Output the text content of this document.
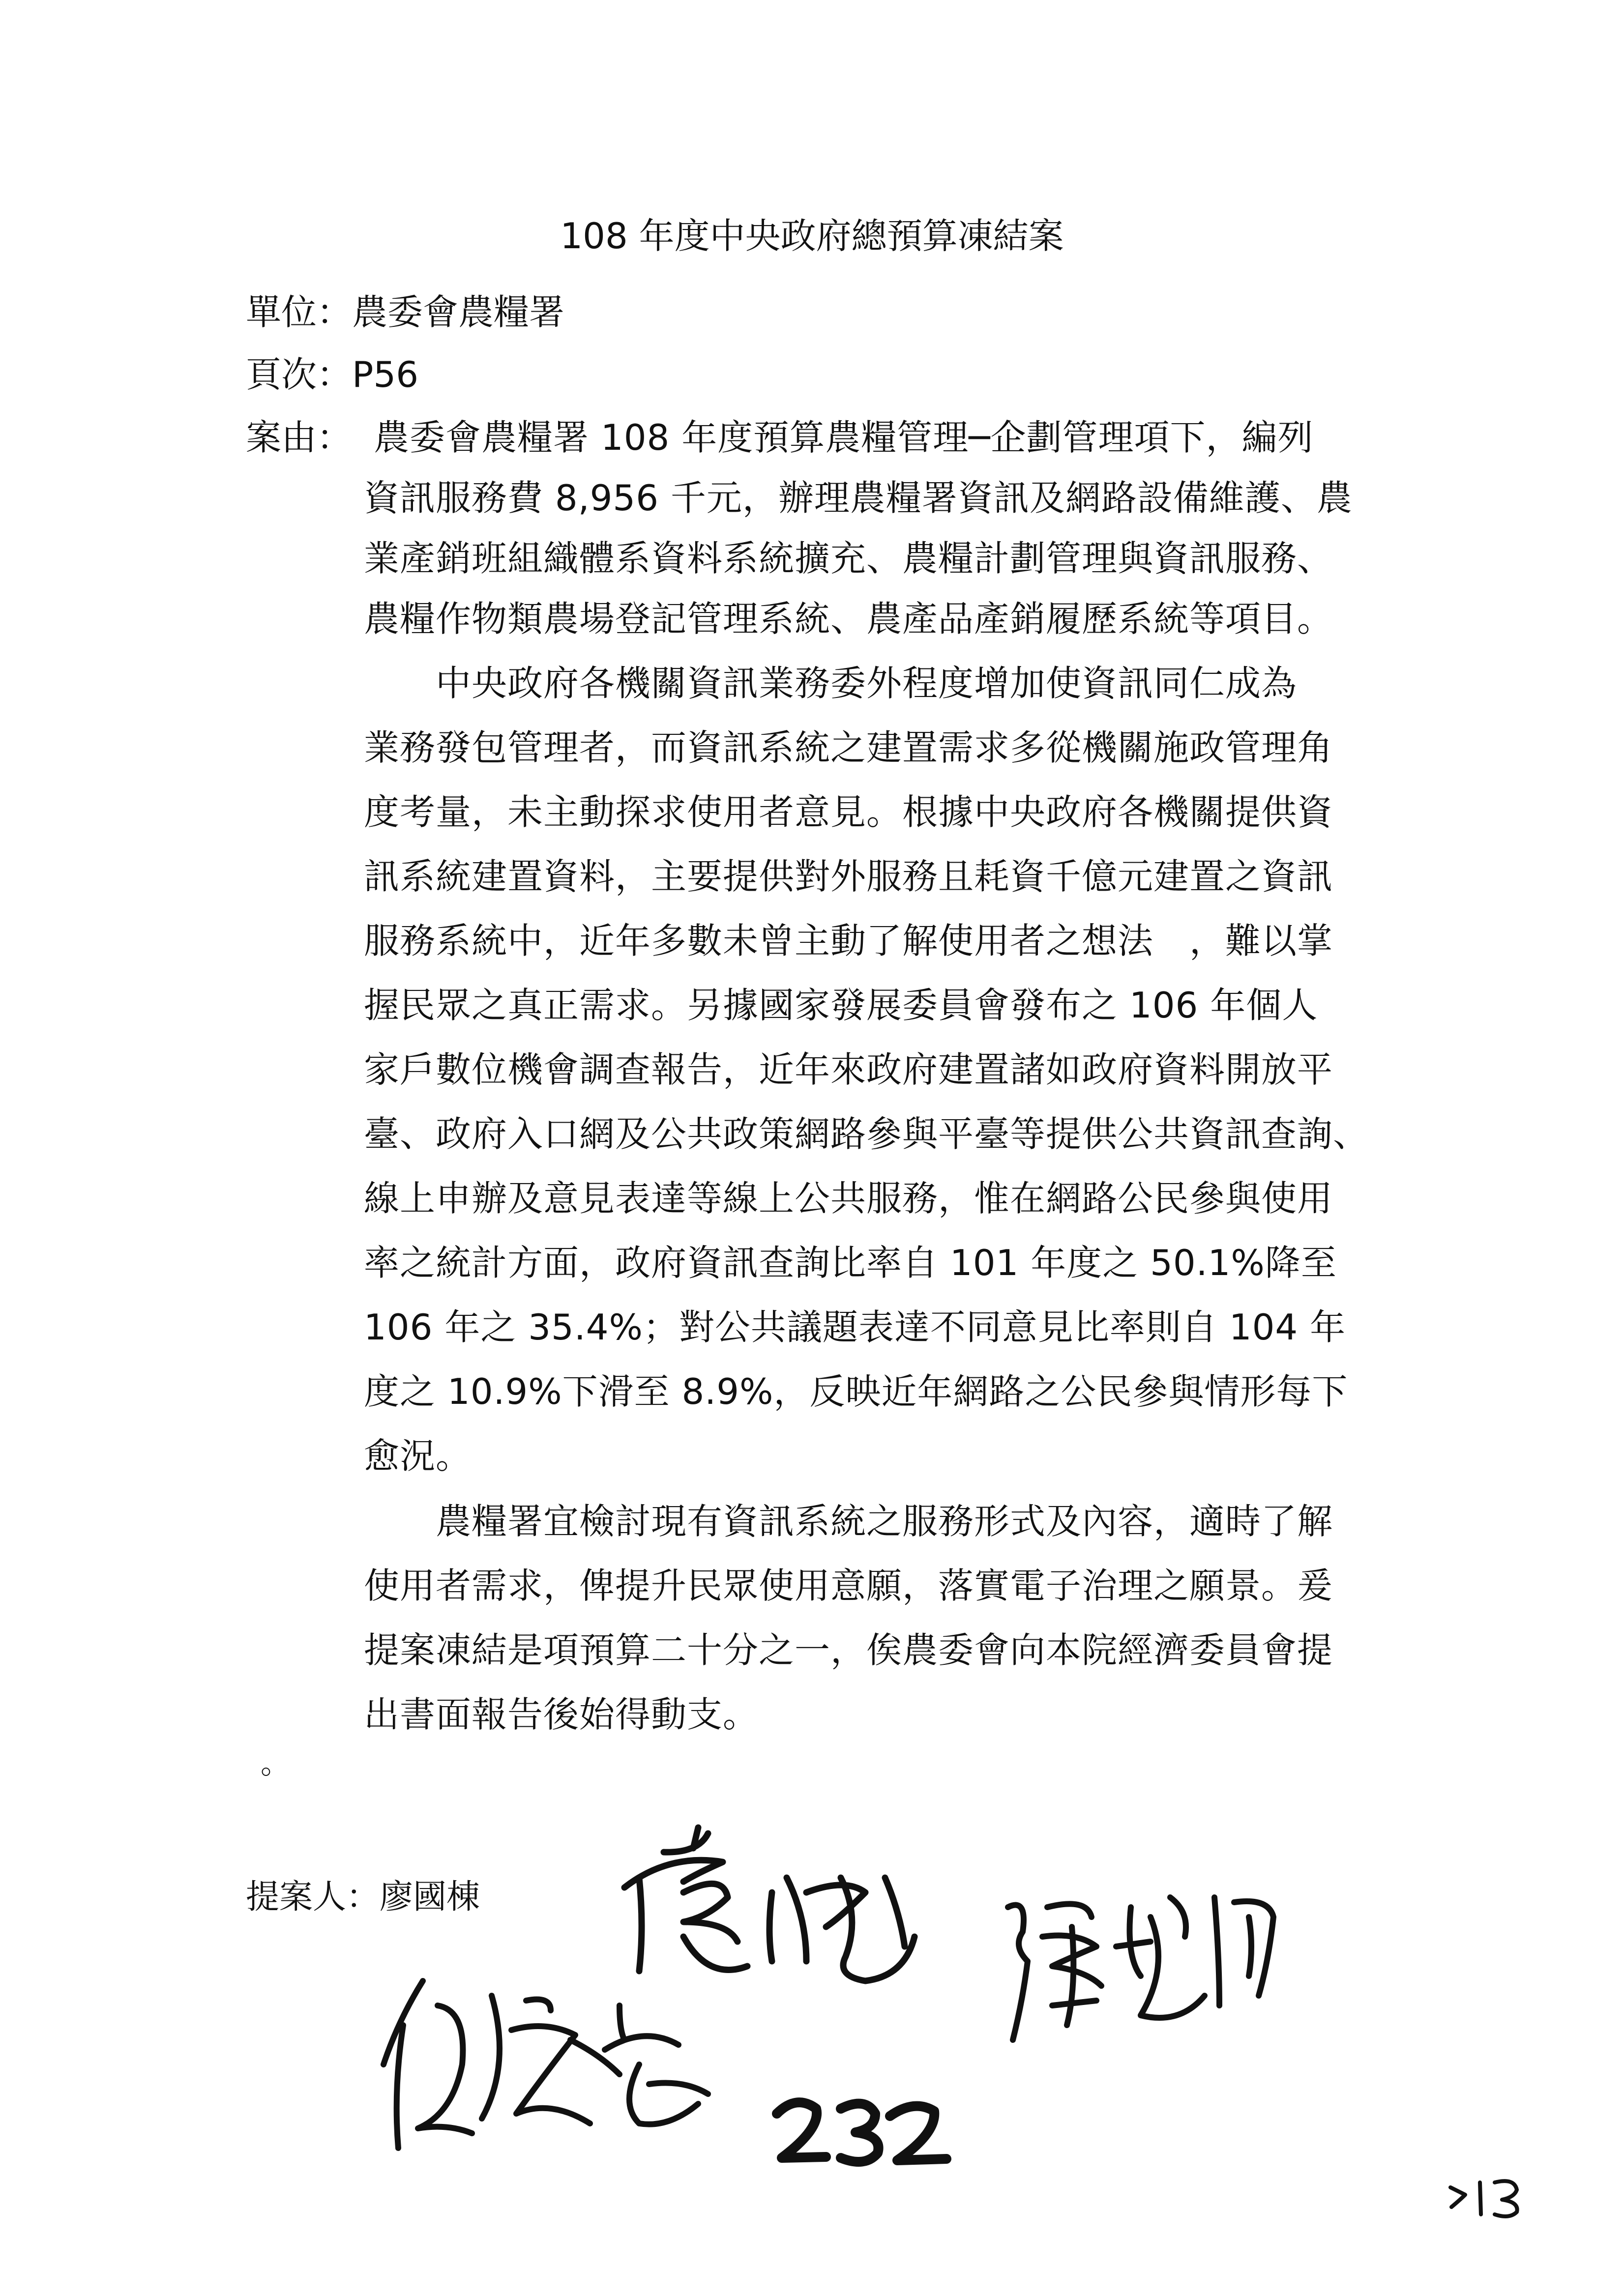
108 年度中央政府總預算凍結案
單位：農委會農糧署
頁次：P56
案由： 農委會農糧署 108 年度預算農糧管理─企劃管理項下，編列
資訊服務費 8,956 千元，辦理農糧署資訊及網路設備維護、農
業產銷班組織體系資料系統擴充、農糧計劃管理與資訊服務、
農糧作物類農場登記管理系統、農產品產銷履歷系統等項目。
　　中央政府各機關資訊業務委外程度增加使資訊同仁成為
業務發包管理者，而資訊系統之建置需求多從機關施政管理角
度考量，未主動探求使用者意見。根據中央政府各機關提供資
訊系統建置資料，主要提供對外服務且耗資千億元建置之資訊
服務系統中，近年多數未曾主動了解使用者之想法　，難以掌
握民眾之真正需求。另據國家發展委員會發布之 106 年個人
家戶數位機會調查報告，近年來政府建置諸如政府資料開放平
臺、政府入口網及公共政策網路參與平臺等提供公共資訊查詢、
線上申辦及意見表達等線上公共服務，惟在網路公民參與使用
率之統計方面，政府資訊查詢比率自 101 年度之 50.1%降至
106 年之 35.4%；對公共議題表達不同意見比率則自 104 年
度之 10.9%下滑至 8.9%，反映近年網路之公民參與情形每下
愈況。
　　農糧署宜檢討現有資訊系統之服務形式及內容，適時了解
使用者需求，俾提升民眾使用意願，落實電子治理之願景。爰
提案凍結是項預算二十分之一，俟農委會向本院經濟委員會提
出書面報告後始得動支。
。
提案人：廖國棟
